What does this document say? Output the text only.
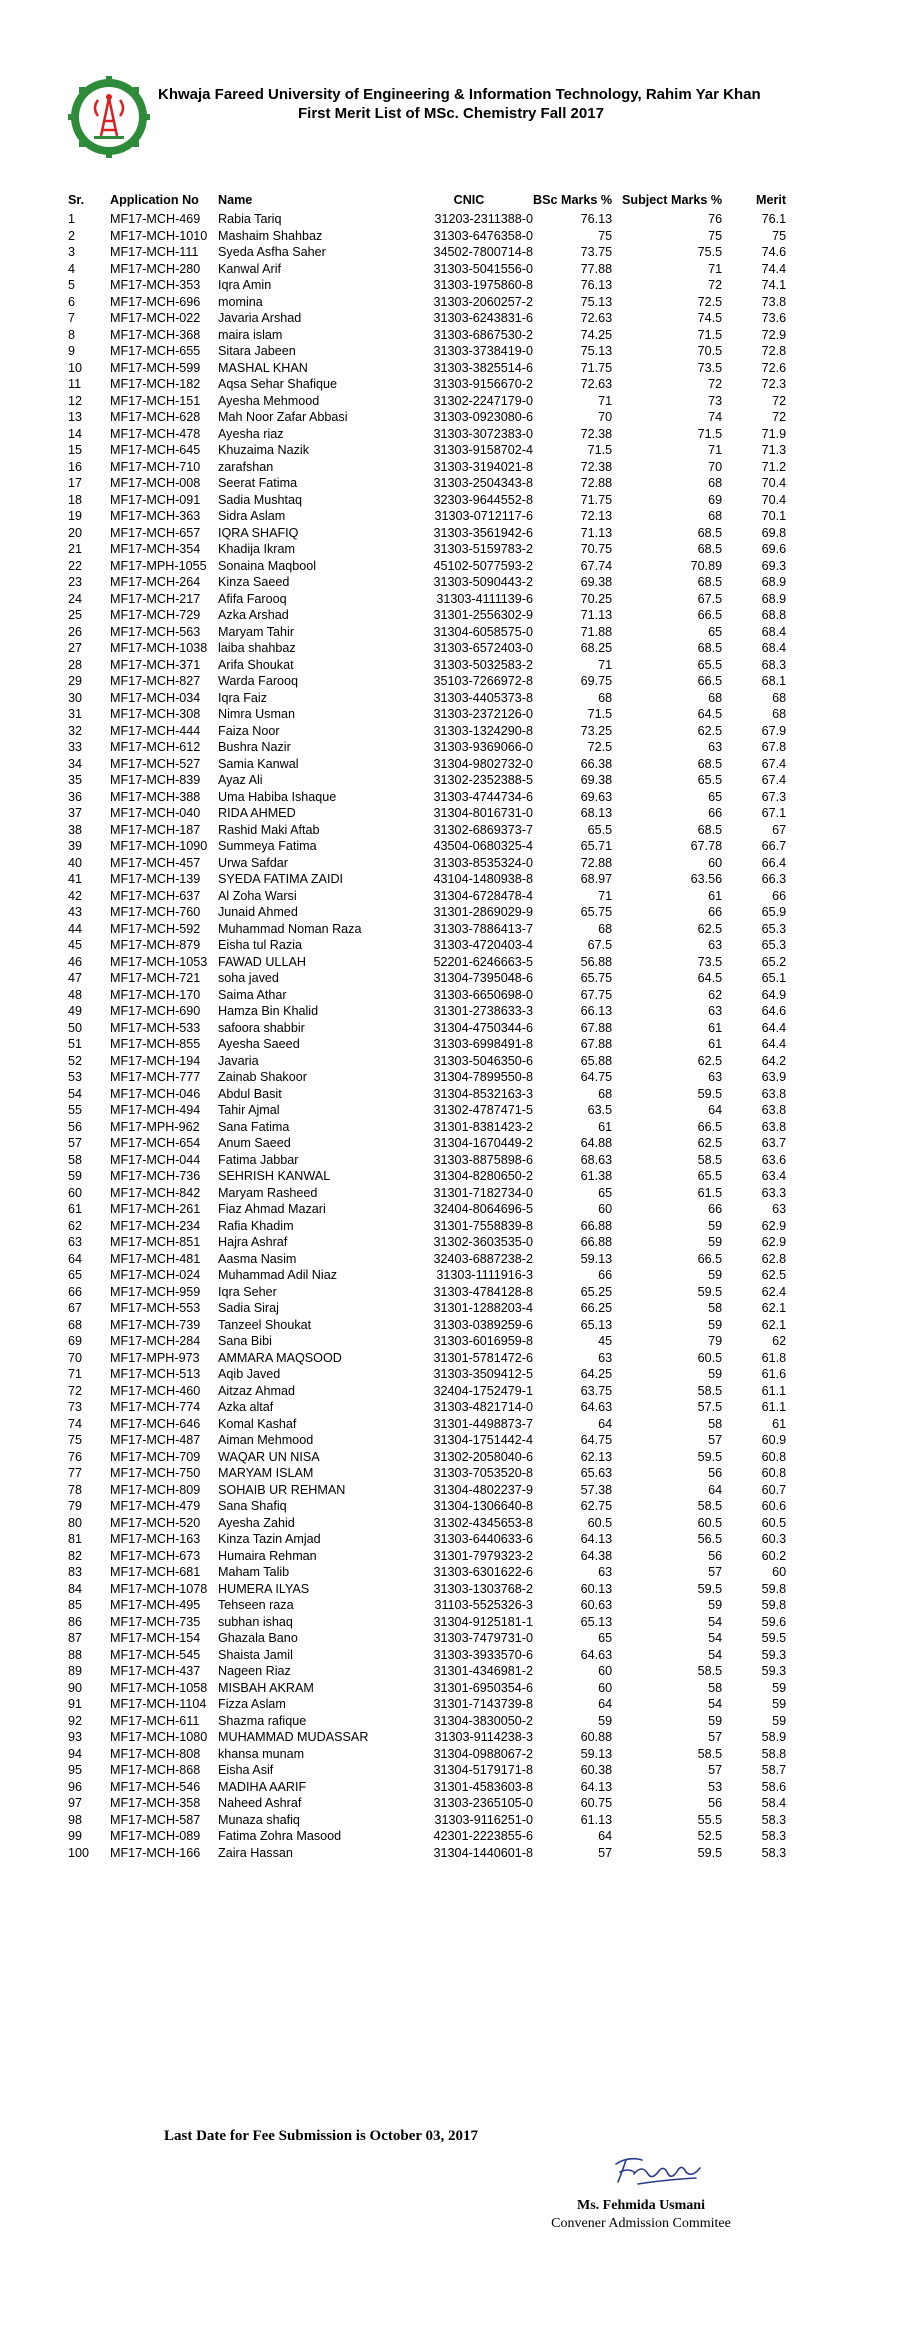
Khwaja Fareed University of Engineering & Information Technology, Rahim Yar Khan
First Merit List of MSc. Chemistry Fall 2017
Sr.	Application No	Name	CNIC	BSc Marks %	Subject Marks %	Merit
1	MF17-MCH-469	Rabia Tariq	31203-2311388-0	76.13	76	76.1
2	MF17-MCH-1010	Mashaim Shahbaz	31303-6476358-0	75	75	75
3	MF17-MCH-111	Syeda Asfha Saher	34502-7800714-8	73.75	75.5	74.6
4	MF17-MCH-280	Kanwal Arif	31303-5041556-0	77.88	71	74.4
5	MF17-MCH-353	Iqra Amin	31303-1975860-8	76.13	72	74.1
6	MF17-MCH-696	momina	31303-2060257-2	75.13	72.5	73.8
7	MF17-MCH-022	Javaria Arshad	31303-6243831-6	72.63	74.5	73.6
8	MF17-MCH-368	maira islam	31303-6867530-2	74.25	71.5	72.9
9	MF17-MCH-655	Sitara Jabeen	31303-3738419-0	75.13	70.5	72.8
10	MF17-MCH-599	MASHAL KHAN	31303-3825514-6	71.75	73.5	72.6
11	MF17-MCH-182	Aqsa Sehar Shafique	31303-9156670-2	72.63	72	72.3
12	MF17-MCH-151	Ayesha Mehmood	31302-2247179-0	71	73	72
13	MF17-MCH-628	Mah Noor Zafar Abbasi	31303-0923080-6	70	74	72
14	MF17-MCH-478	Ayesha riaz	31303-3072383-0	72.38	71.5	71.9
15	MF17-MCH-645	Khuzaima Nazik	31303-9158702-4	71.5	71	71.3
16	MF17-MCH-710	zarafshan	31303-3194021-8	72.38	70	71.2
17	MF17-MCH-008	Seerat Fatima	31303-2504343-8	72.88	68	70.4
18	MF17-MCH-091	Sadia Mushtaq	32303-9644552-8	71.75	69	70.4
19	MF17-MCH-363	Sidra Aslam	31303-0712117-6	72.13	68	70.1
20	MF17-MCH-657	IQRA SHAFIQ	31303-3561942-6	71.13	68.5	69.8
21	MF17-MCH-354	Khadija Ikram	31303-5159783-2	70.75	68.5	69.6
22	MF17-MPH-1055	Sonaina Maqbool	45102-5077593-2	67.74	70.89	69.3
23	MF17-MCH-264	Kinza Saeed	31303-5090443-2	69.38	68.5	68.9
24	MF17-MCH-217	Afifa Farooq	31303-4111139-6	70.25	67.5	68.9
25	MF17-MCH-729	Azka Arshad	31301-2556302-9	71.13	66.5	68.8
26	MF17-MCH-563	Maryam Tahir	31304-6058575-0	71.88	65	68.4
27	MF17-MCH-1038	laiba shahbaz	31303-6572403-0	68.25	68.5	68.4
28	MF17-MCH-371	Arifa Shoukat	31303-5032583-2	71	65.5	68.3
29	MF17-MCH-827	Warda Farooq	35103-7266972-8	69.75	66.5	68.1
30	MF17-MCH-034	Iqra Faiz	31303-4405373-8	68	68	68
31	MF17-MCH-308	Nimra Usman	31303-2372126-0	71.5	64.5	68
32	MF17-MCH-444	Faiza Noor	31303-1324290-8	73.25	62.5	67.9
33	MF17-MCH-612	Bushra Nazir	31303-9369066-0	72.5	63	67.8
34	MF17-MCH-527	Samia Kanwal	31304-9802732-0	66.38	68.5	67.4
35	MF17-MCH-839	Ayaz Ali	31302-2352388-5	69.38	65.5	67.4
36	MF17-MCH-388	Uma Habiba Ishaque	31303-4744734-6	69.63	65	67.3
37	MF17-MCH-040	RIDA AHMED	31304-8016731-0	68.13	66	67.1
38	MF17-MCH-187	Rashid Maki Aftab	31302-6869373-7	65.5	68.5	67
39	MF17-MCH-1090	Summeya Fatima	43504-0680325-4	65.71	67.78	66.7
40	MF17-MCH-457	Urwa Safdar	31303-8535324-0	72.88	60	66.4
41	MF17-MCH-139	SYEDA FATIMA ZAIDI	43104-1480938-8	68.97	63.56	66.3
42	MF17-MCH-637	Al Zoha Warsi	31304-6728478-4	71	61	66
43	MF17-MCH-760	Junaid Ahmed	31301-2869029-9	65.75	66	65.9
44	MF17-MCH-592	Muhammad Noman Raza	31303-7886413-7	68	62.5	65.3
45	MF17-MCH-879	Eisha tul Razia	31303-4720403-4	67.5	63	65.3
46	MF17-MCH-1053	FAWAD ULLAH	52201-6246663-5	56.88	73.5	65.2
47	MF17-MCH-721	soha javed	31304-7395048-6	65.75	64.5	65.1
48	MF17-MCH-170	Saima Athar	31303-6650698-0	67.75	62	64.9
49	MF17-MCH-690	Hamza Bin Khalid	31301-2738633-3	66.13	63	64.6
50	MF17-MCH-533	safoora shabbir	31304-4750344-6	67.88	61	64.4
51	MF17-MCH-855	Ayesha Saeed	31303-6998491-8	67.88	61	64.4
52	MF17-MCH-194	Javaria	31303-5046350-6	65.88	62.5	64.2
53	MF17-MCH-777	Zainab Shakoor	31304-7899550-8	64.75	63	63.9
54	MF17-MCH-046	Abdul Basit	31304-8532163-3	68	59.5	63.8
55	MF17-MCH-494	Tahir Ajmal	31302-4787471-5	63.5	64	63.8
56	MF17-MPH-962	Sana Fatima	31301-8381423-2	61	66.5	63.8
57	MF17-MCH-654	Anum Saeed	31304-1670449-2	64.88	62.5	63.7
58	MF17-MCH-044	Fatima Jabbar	31303-8875898-6	68.63	58.5	63.6
59	MF17-MCH-736	SEHRISH KANWAL	31304-8280650-2	61.38	65.5	63.4
60	MF17-MCH-842	Maryam Rasheed	31301-7182734-0	65	61.5	63.3
61	MF17-MCH-261	Fiaz Ahmad Mazari	32404-8064696-5	60	66	63
62	MF17-MCH-234	Rafia Khadim	31301-7558839-8	66.88	59	62.9
63	MF17-MCH-851	Hajra Ashraf	31302-3603535-0	66.88	59	62.9
64	MF17-MCH-481	Aasma Nasim	32403-6887238-2	59.13	66.5	62.8
65	MF17-MCH-024	Muhammad Adil Niaz	31303-1111916-3	66	59	62.5
66	MF17-MCH-959	Iqra Seher	31303-4784128-8	65.25	59.5	62.4
67	MF17-MCH-553	Sadia Siraj	31301-1288203-4	66.25	58	62.1
68	MF17-MCH-739	Tanzeel Shoukat	31303-0389259-6	65.13	59	62.1
69	MF17-MCH-284	Sana Bibi	31303-6016959-8	45	79	62
70	MF17-MPH-973	AMMARA MAQSOOD	31301-5781472-6	63	60.5	61.8
71	MF17-MCH-513	Aqib Javed	31303-3509412-5	64.25	59	61.6
72	MF17-MCH-460	Aitzaz Ahmad	32404-1752479-1	63.75	58.5	61.1
73	MF17-MCH-774	Azka altaf	31303-4821714-0	64.63	57.5	61.1
74	MF17-MCH-646	Komal Kashaf	31301-4498873-7	64	58	61
75	MF17-MCH-487	Aiman Mehmood	31304-1751442-4	64.75	57	60.9
76	MF17-MCH-709	WAQAR UN NISA	31302-2058040-6	62.13	59.5	60.8
77	MF17-MCH-750	MARYAM ISLAM	31303-7053520-8	65.63	56	60.8
78	MF17-MCH-809	SOHAIB UR REHMAN	31304-4802237-9	57.38	64	60.7
79	MF17-MCH-479	Sana Shafiq	31304-1306640-8	62.75	58.5	60.6
80	MF17-MCH-520	Ayesha Zahid	31302-4345653-8	60.5	60.5	60.5
81	MF17-MCH-163	Kinza Tazin Amjad	31303-6440633-6	64.13	56.5	60.3
82	MF17-MCH-673	Humaira Rehman	31301-7979323-2	64.38	56	60.2
83	MF17-MCH-681	Maham Talib	31303-6301622-6	63	57	60
84	MF17-MCH-1078	HUMERA ILYAS	31303-1303768-2	60.13	59.5	59.8
85	MF17-MCH-495	Tehseen raza	31103-5525326-3	60.63	59	59.8
86	MF17-MCH-735	subhan ishaq	31304-9125181-1	65.13	54	59.6
87	MF17-MCH-154	Ghazala Bano	31303-7479731-0	65	54	59.5
88	MF17-MCH-545	Shaista Jamil	31303-3933570-6	64.63	54	59.3
89	MF17-MCH-437	Nageen Riaz	31301-4346981-2	60	58.5	59.3
90	MF17-MCH-1058	MISBAH AKRAM	31301-6950354-6	60	58	59
91	MF17-MCH-1104	Fizza Aslam	31301-7143739-8	64	54	59
92	MF17-MCH-611	Shazma rafique	31304-3830050-2	59	59	59
93	MF17-MCH-1080	MUHAMMAD MUDASSAR	31303-9114238-3	60.88	57	58.9
94	MF17-MCH-808	khansa munam	31304-0988067-2	59.13	58.5	58.8
95	MF17-MCH-868	Eisha Asif	31304-5179171-8	60.38	57	58.7
96	MF17-MCH-546	MADIHA AARIF	31301-4583603-8	64.13	53	58.6
97	MF17-MCH-358	Naheed Ashraf	31303-2365105-0	60.75	56	58.4
98	MF17-MCH-587	Munaza shafiq	31303-9116251-0	61.13	55.5	58.3
99	MF17-MCH-089	Fatima Zohra Masood	42301-2223855-6	64	52.5	58.3
100	MF17-MCH-166	Zaira Hassan	31304-1440601-8	57	59.5	58.3
Last Date for Fee Submission is October 03, 2017
Ms. Fehmida Usmani
Convener Admission Commitee
